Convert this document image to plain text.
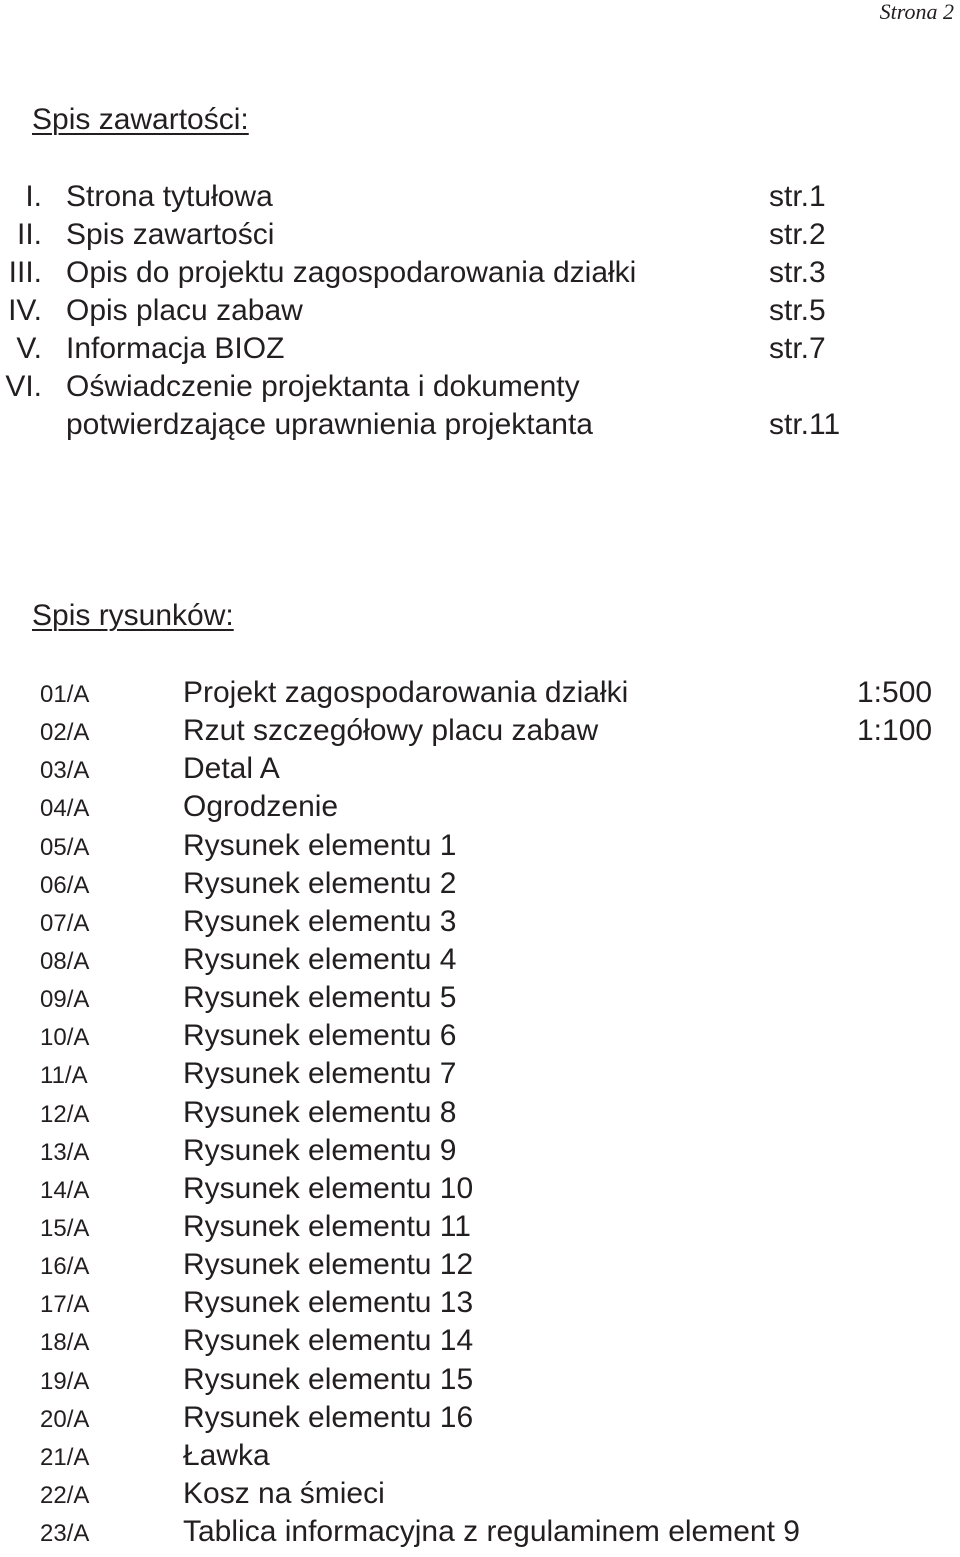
Strona 2
Spis zawartości:
I. Strona tytułowa	str.1
II. Spis zawartości	str.2
III. Opis do projektu zagospodarowania działki	str.3
IV. Opis placu zabaw	str.5
V. Informacja BIOZ	str.7
VI. Oświadczenie projektanta i dokumenty
potwierdzające uprawnienia projektanta	str.11
Spis rysunków:
01/A	Projekt zagospodarowania działki	1:500
02/A	Rzut szczegółowy placu zabaw	1:100
03/A	Detal A
04/A	Ogrodzenie
05/A	Rysunek elementu 1
06/A	Rysunek elementu 2
07/A	Rysunek elementu 3
08/A	Rysunek elementu 4
09/A	Rysunek elementu 5
10/A	Rysunek elementu 6
11/A	Rysunek elementu 7
12/A	Rysunek elementu 8
13/A	Rysunek elementu 9
14/A	Rysunek elementu 10
15/A	Rysunek elementu 11
16/A	Rysunek elementu 12
17/A	Rysunek elementu 13
18/A	Rysunek elementu 14
19/A	Rysunek elementu 15
20/A	Rysunek elementu 16
21/A	Ławka
22/A	Kosz na śmieci
23/A	Tablica informacyjna z regulaminem element 9
